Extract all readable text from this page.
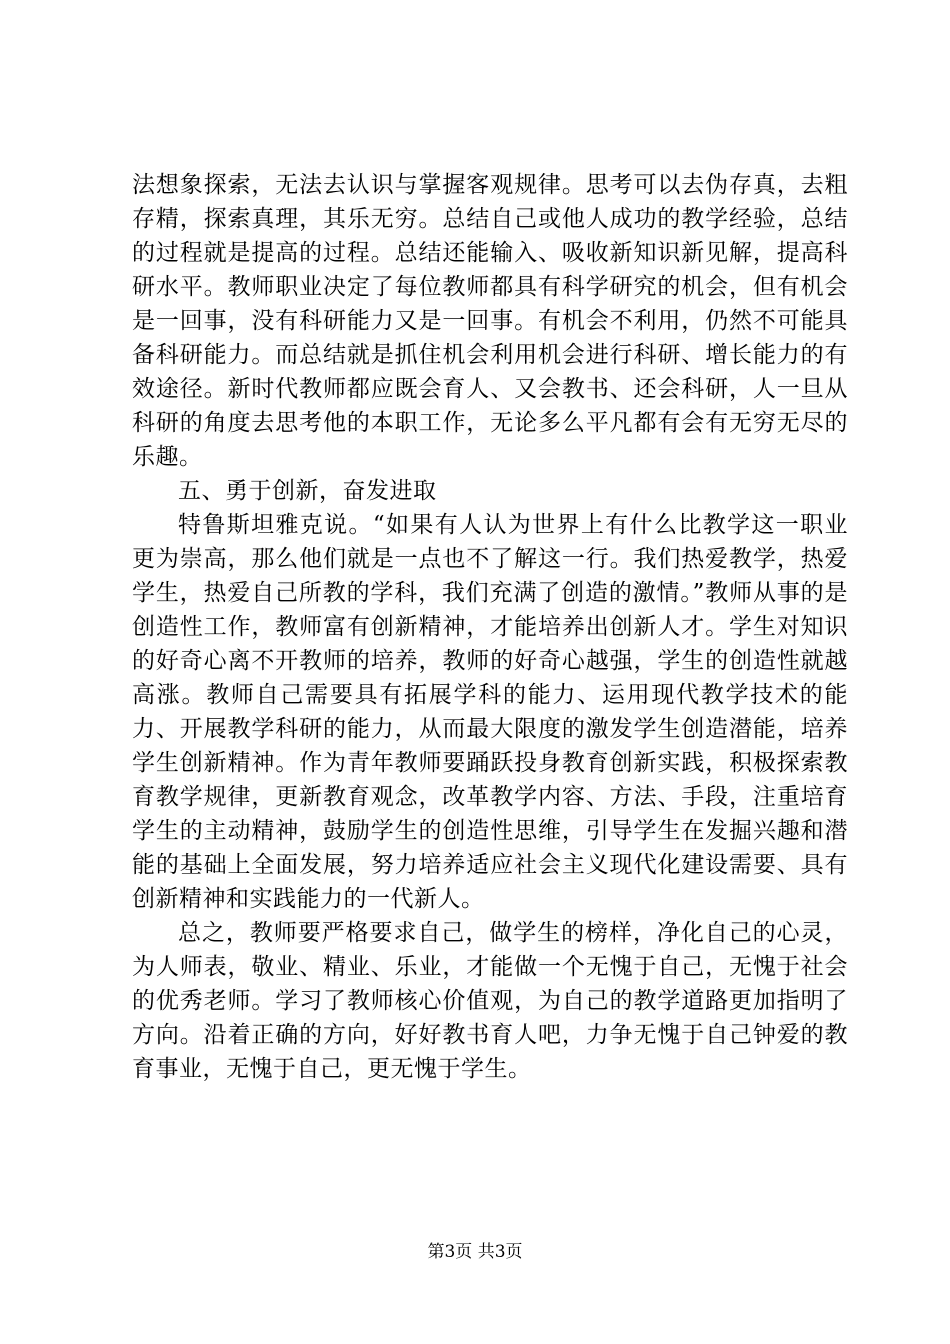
法想象探索，无法去认识与掌握客观规律。思考可以去伪存真，去粗存精，探索真理，其乐无穷。总结自己或他人成功的教学经验，总结的过程就是提高的过程。总结还能输入、吸收新知识新见解，提高科研水平。教师职业决定了每位教师都具有科学研究的机会，但有机会是一回事，没有科研能力又是一回事。有机会不利用，仍然不可能具备科研能力。而总结就是抓住机会利用机会进行科研、增长能力的有效途径。新时代教师都应既会育人、又会教书、还会科研，人一旦从科研的角度去思考他的本职工作，无论多么平凡都有会有无穷无尽的乐趣。

五、勇于创新，奋发进取

特鲁斯坦雅克说。“如果有人认为世界上有什么比教学这一职业更为崇高，那么他们就是一点也不了解这一行。我们热爱教学，热爱学生，热爱自己所教的学科，我们充满了创造的激情。”教师从事的是创造性工作，教师富有创新精神，才能培养出创新人才。学生对知识的好奇心离不开教师的培养，教师的好奇心越强，学生的创造性就越高涨。教师自己需要具有拓展学科的能力、运用现代教学技术的能力、开展教学科研的能力，从而最大限度的激发学生创造潜能，培养学生创新精神。作为青年教师要踊跃投身教育创新实践，积极探索教育教学规律，更新教育观念，改革教学内容、方法、手段，注重培育学生的主动精神，鼓励学生的创造性思维，引导学生在发掘兴趣和潜能的基础上全面发展，努力培养适应社会主义现代化建设需要、具有创新精神和实践能力的一代新人。

总之，教师要严格要求自己，做学生的榜样，净化自己的心灵，为人师表，敬业、精业、乐业，才能做一个无愧于自己，无愧于社会的优秀老师。学习了教师核心价值观，为自己的教学道路更加指明了方向。沿着正确的方向，好好教书育人吧，力争无愧于自己钟爱的教育事业，无愧于自己，更无愧于学生。

第3页 共3页
